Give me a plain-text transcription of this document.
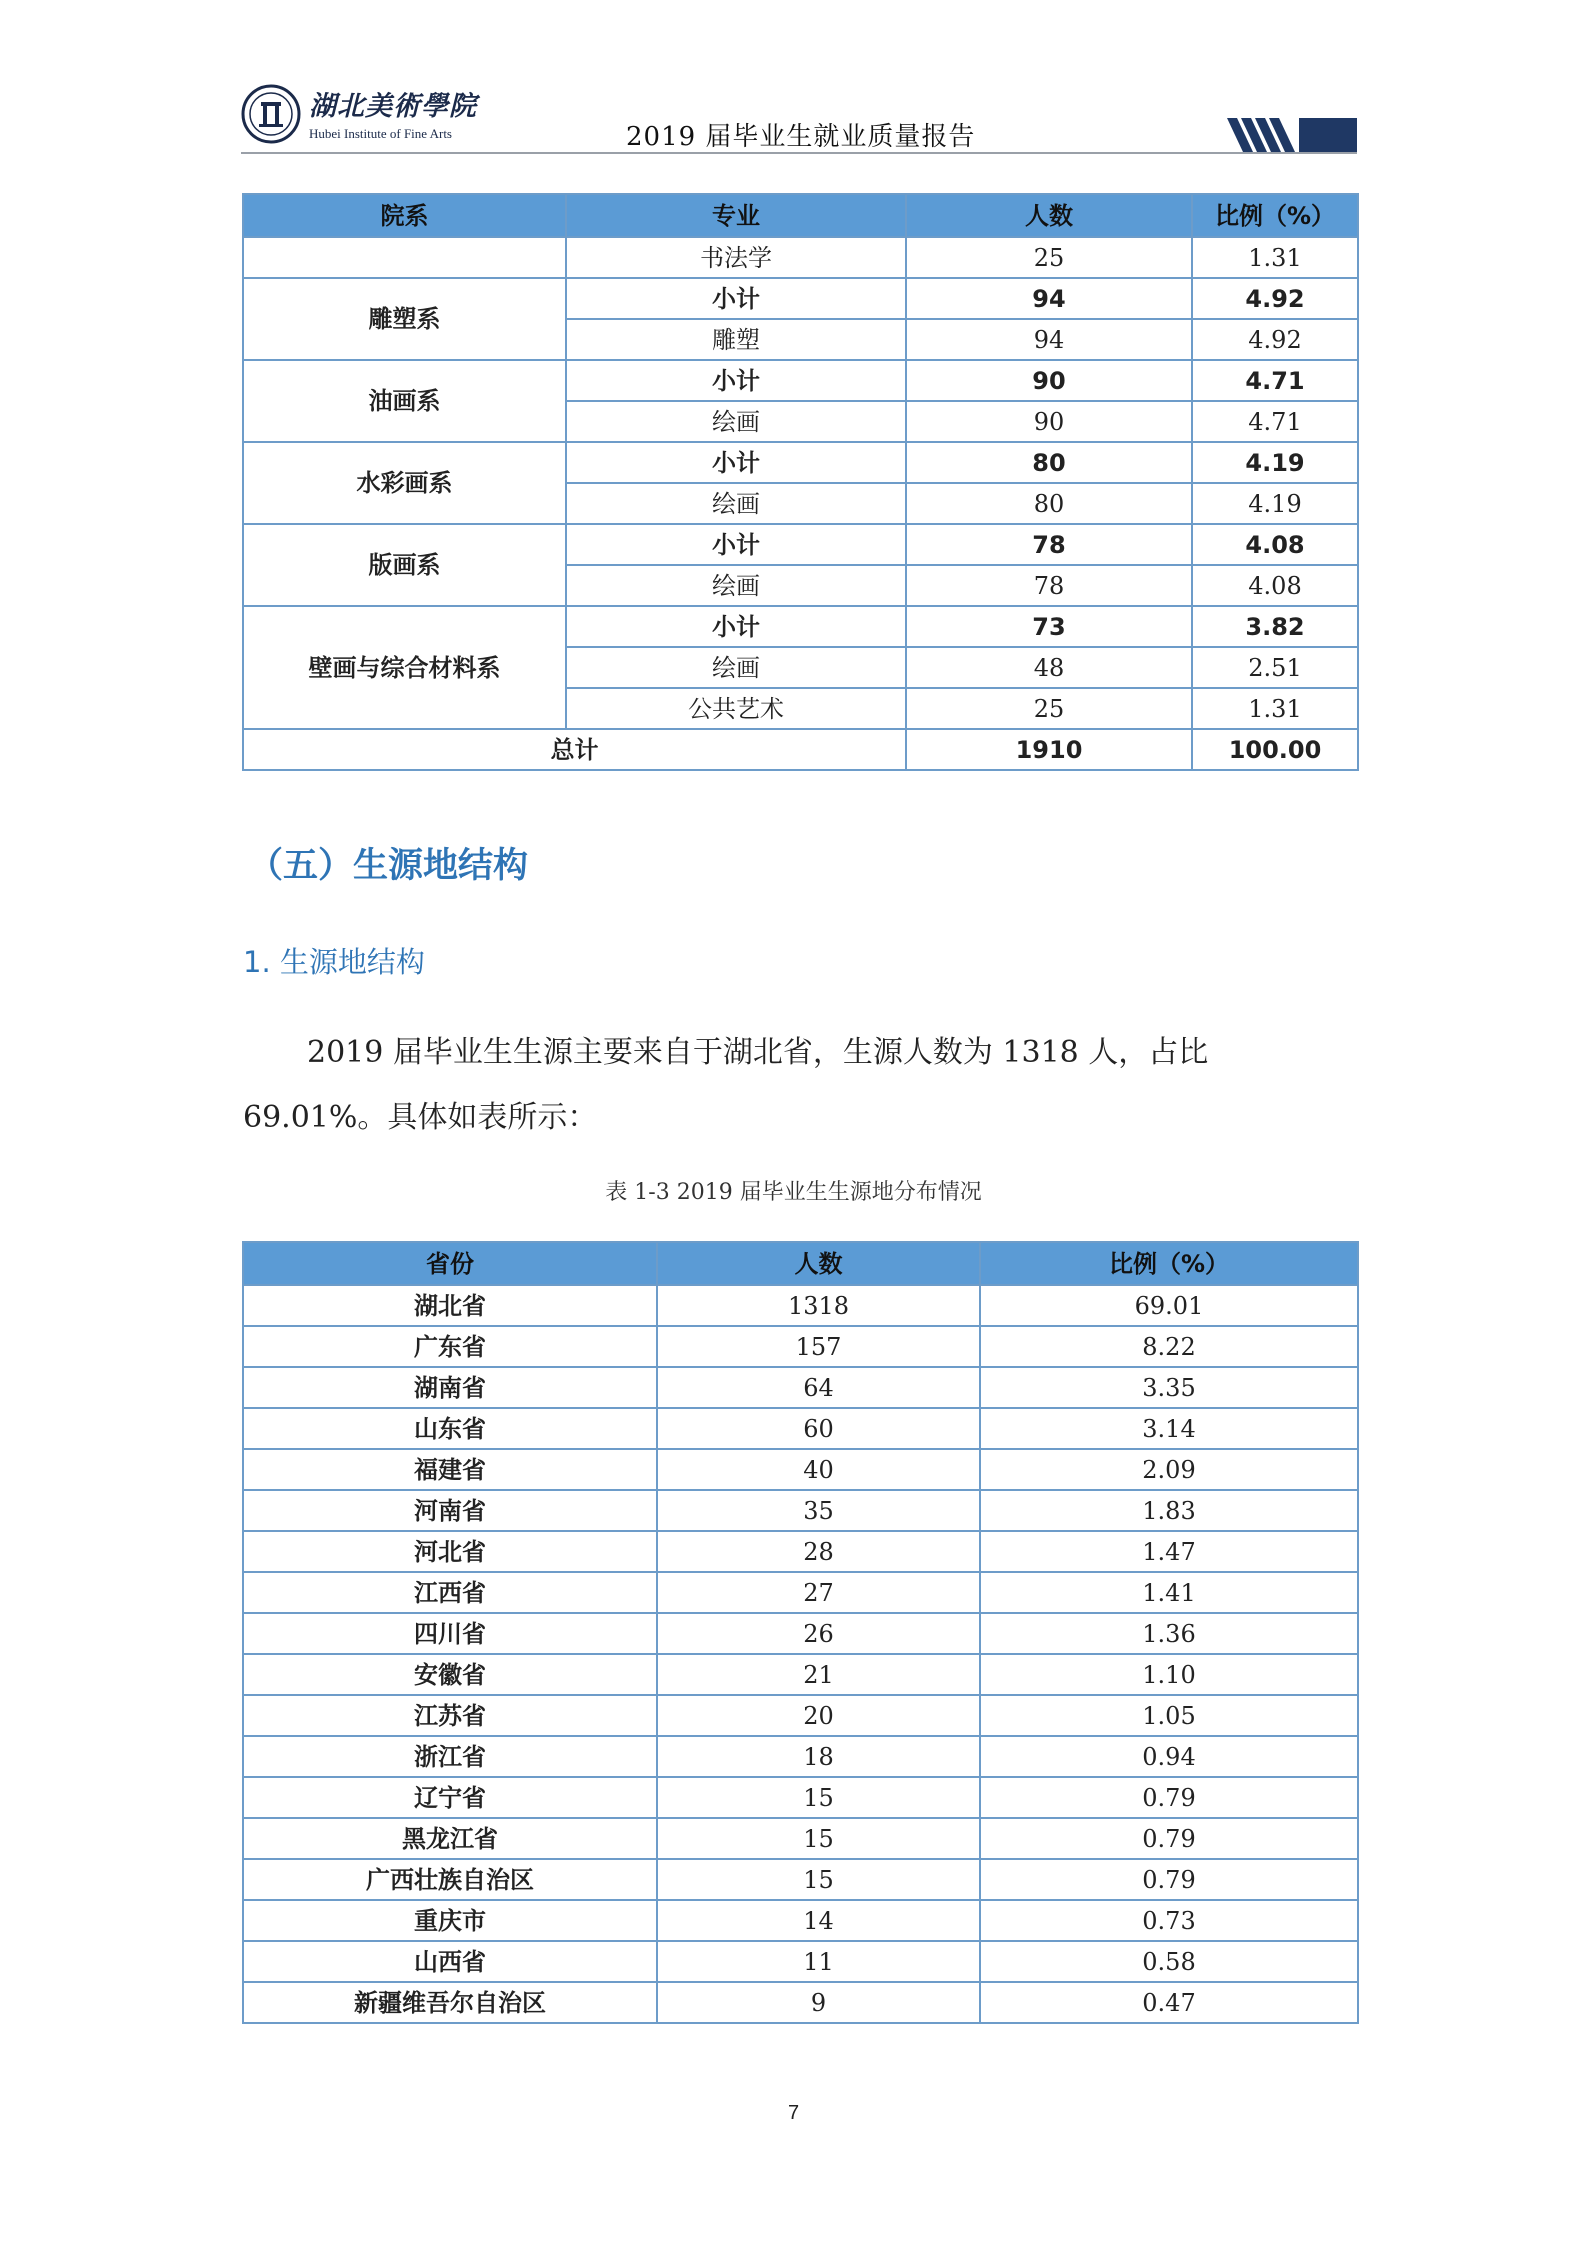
湖北美術學院
Hubei Institute of Fine Arts	2019 届毕业生就业质量报告
院系	专业	人数	比例（%）
	书法学	25	1.31
雕塑系	小计	94	4.92
	雕塑	94	4.92
油画系	小计	90	4.71
	绘画	90	4.71
水彩画系	小计	80	4.19
	绘画	80	4.19
版画系	小计	78	4.08
	绘画	78	4.08
壁画与综合材料系	小计	73	3.82
	绘画	48	2.51
	公共艺术	25	1.31
总计		1910	100.00
（五）生源地结构
1. 生源地结构
2019 届毕业生生源主要来自于湖北省，生源人数为 1318 人，占比 69.01%。具体如表所示：
表 1-3 2019 届毕业生生源地分布情况
省份	人数	比例（%）
湖北省	1318	69.01
广东省	157	8.22
湖南省	64	3.35
山东省	60	3.14
福建省	40	2.09
河南省	35	1.83
河北省	28	1.47
江西省	27	1.41
四川省	26	1.36
安徽省	21	1.10
江苏省	20	1.05
浙江省	18	0.94
辽宁省	15	0.79
黑龙江省	15	0.79
广西壮族自治区	15	0.79
重庆市	14	0.73
山西省	11	0.58
新疆维吾尔自治区	9	0.47
7
